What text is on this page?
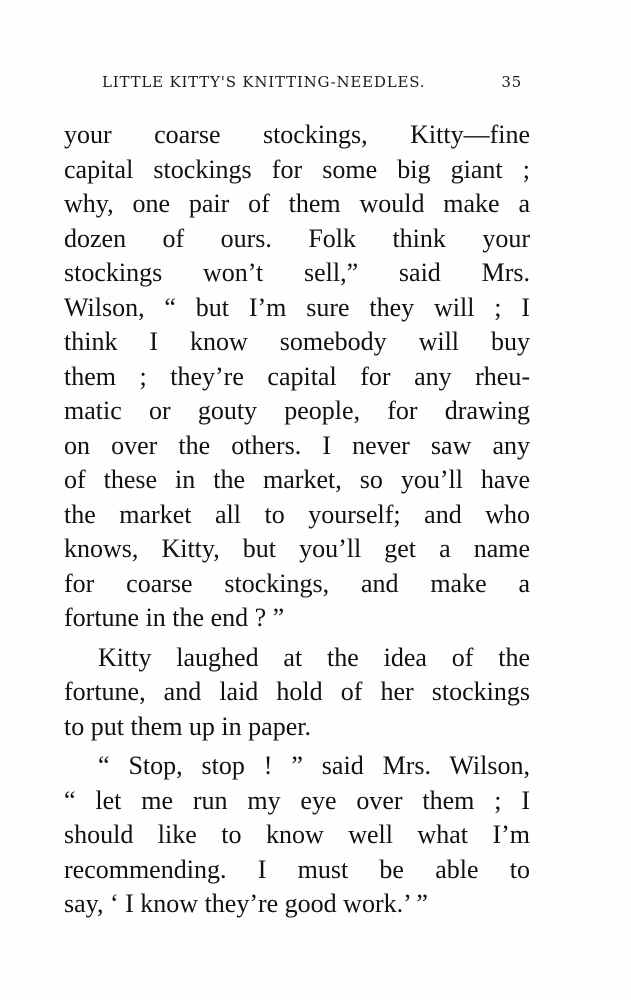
LITTLE KITTY'S KNITTING-NEEDLES.	35
your coarse stockings, Kitty—fine
capital stockings for some big giant ;
why, one pair of them would make a
dozen of ours. Folk think your
stockings won’t sell,” said Mrs.
Wilson, “ but I’m sure they will ; I
think I know somebody will buy
them ; they’re capital for any rheu-
matic or gouty people, for drawing
on over the others. I never saw any
of these in the market, so you’ll have
the market all to yourself; and who
knows, Kitty, but you’ll get a name
for coarse stockings, and make a
fortune in the end ? ”
Kitty laughed at the idea of the
fortune, and laid hold of her stockings
to put them up in paper.
“ Stop, stop ! ” said Mrs. Wilson,
“ let me run my eye over them ; I
should like to know well what I’m
recommending. I must be able to
say, ‘ I know they’re good work.’ ”
